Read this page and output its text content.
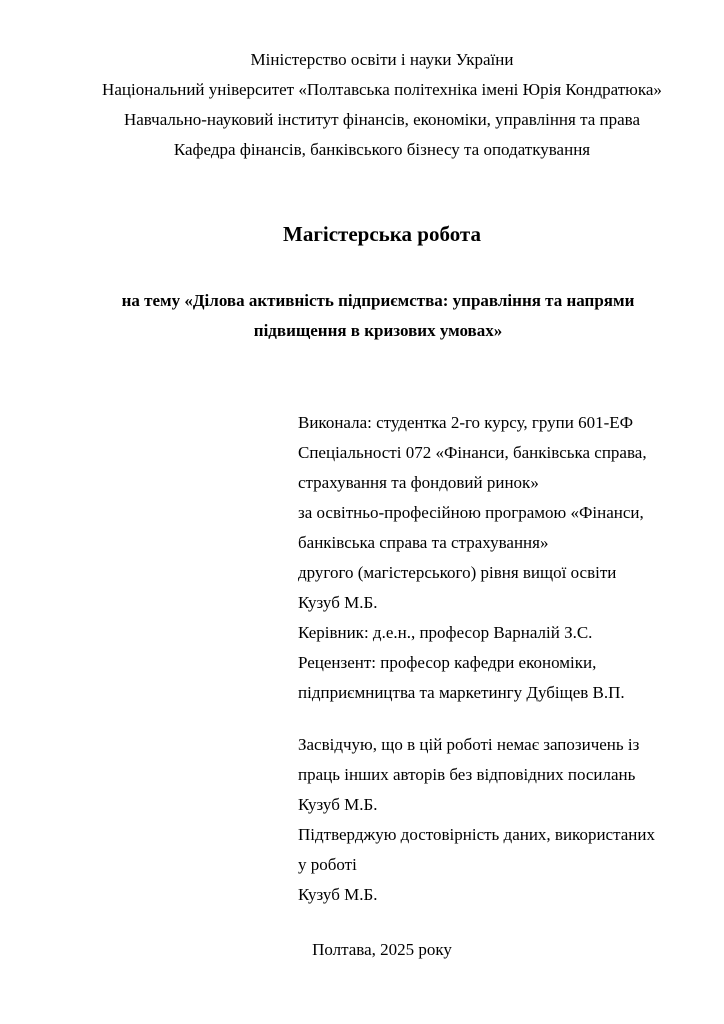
Міністерство освіти і науки України
Національний університет «Полтавська політехніка імені Юрія Кондратюка»
Навчально-науковий інститут фінансів, економіки, управління та права
Кафедра фінансів, банківського бізнесу та оподаткування
Магістерська робота
на тему «Ділова активність підприємства: управління та напрями підвищення в кризових умовах»
Виконала: студентка 2-го курсу, групи 601-ЕФ
Спеціальності 072 «Фінанси, банківська справа,
страхування та фондовий ринок»
за освітньо-професійною програмою «Фінанси,
банківська справа та страхування»
другого (магістерського) рівня вищої освіти
Кузуб М.Б.
Керівник: д.е.н., професор Варналій З.С.
Рецензент: професор кафедри економіки,
підприємництва та маркетингу Дубіщев В.П.
Засвідчую, що в цій роботі немає запозичень із
праць інших авторів без відповідних посилань
Кузуб М.Б.
Підтверджую достовірність даних, використаних
у роботі
Кузуб М.Б.
Полтава, 2025 року
